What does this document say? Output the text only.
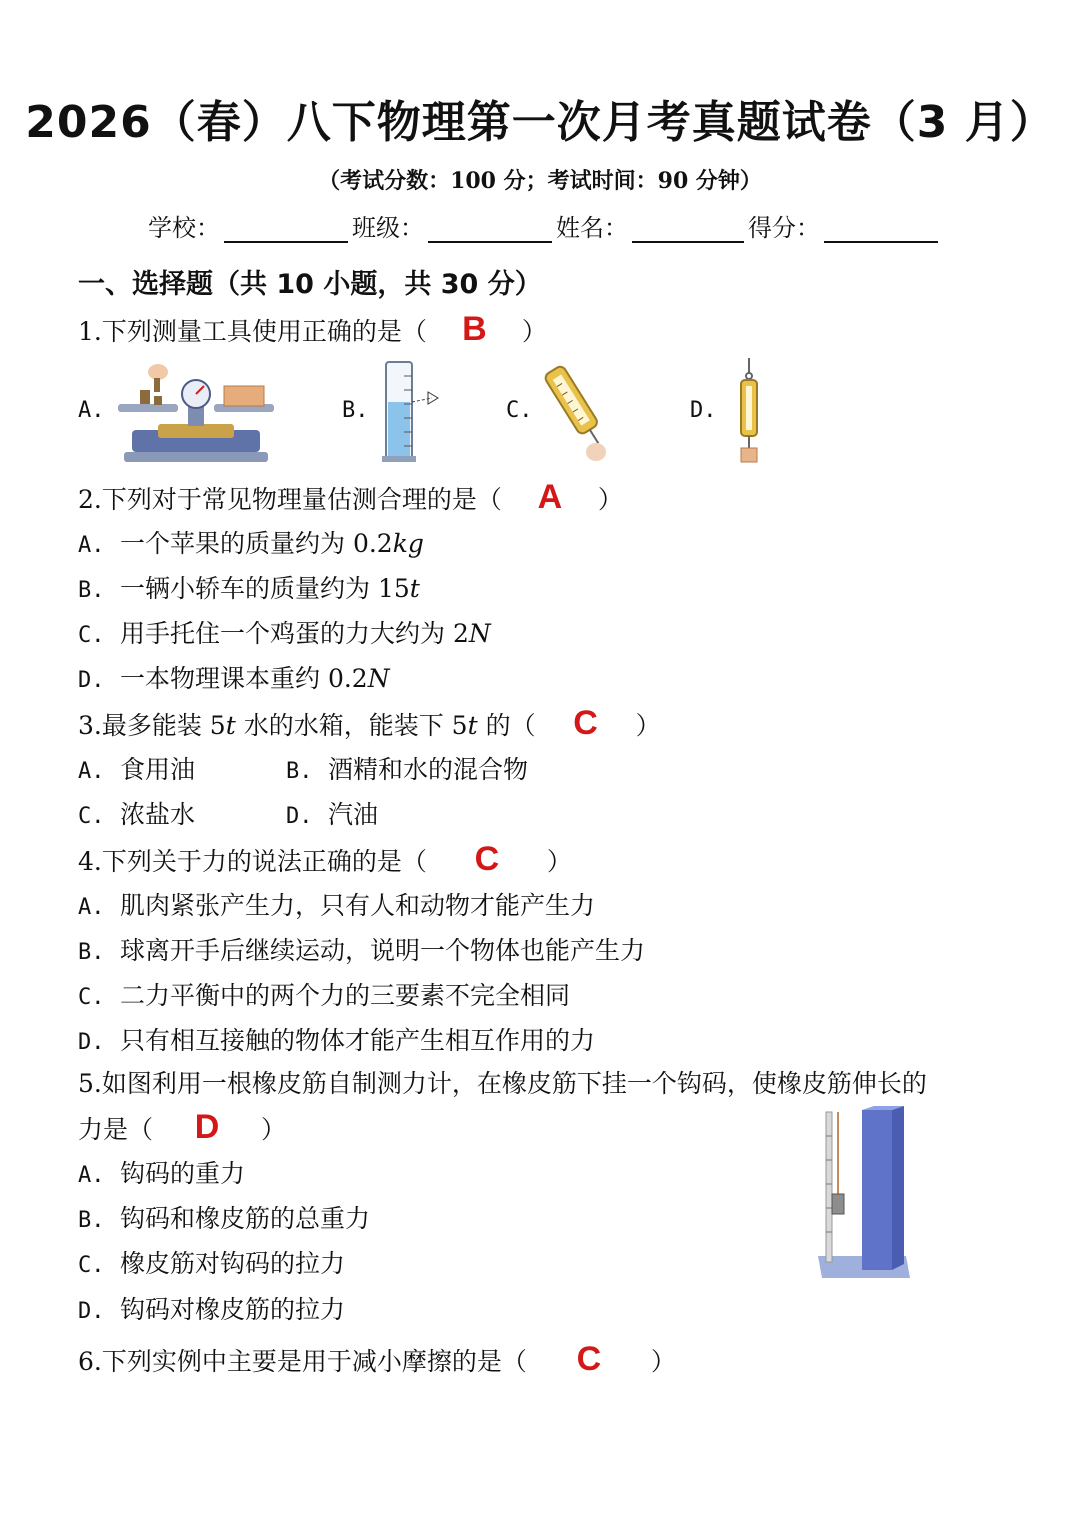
2026（春）八下物理第一次月考真题试卷（3 月）
（考试分数：100 分；考试时间：90 分钟）
学校：	班级：	姓名：	得分：
一、选择题（共 10 小题，共 30 分）
1.下列测量工具使用正确的是（ B ）
A.	B.	C.	D.
2.下列对于常见物理量估测合理的是（ A ）
A. 一个苹果的质量约为 0.2kg
B. 一辆小轿车的质量约为 15t
C. 用手托住一个鸡蛋的力大约为 2N
D. 一本物理课本重约 0.2N
3.最多能装 5t 水的水箱，能装下 5t 的（ C ）
A. 食用油	B. 酒精和水的混合物
C. 浓盐水	D. 汽油
4.下列关于力的说法正确的是（ C ）
A. 肌肉紧张产生力，只有人和动物才能产生力
B. 球离开手后继续运动，说明一个物体也能产生力
C. 二力平衡中的两个力的三要素不完全相同
D. 只有相互接触的物体才能产生相互作用的力
5.如图利用一根橡皮筋自制测力计，在橡皮筋下挂一个钩码，使橡皮筋伸长的
力是（ D ）
A. 钩码的重力
B. 钩码和橡皮筋的总重力
C. 橡皮筋对钩码的拉力
D. 钩码对橡皮筋的拉力
6.下列实例中主要是用于减小摩擦的是（ C ）
